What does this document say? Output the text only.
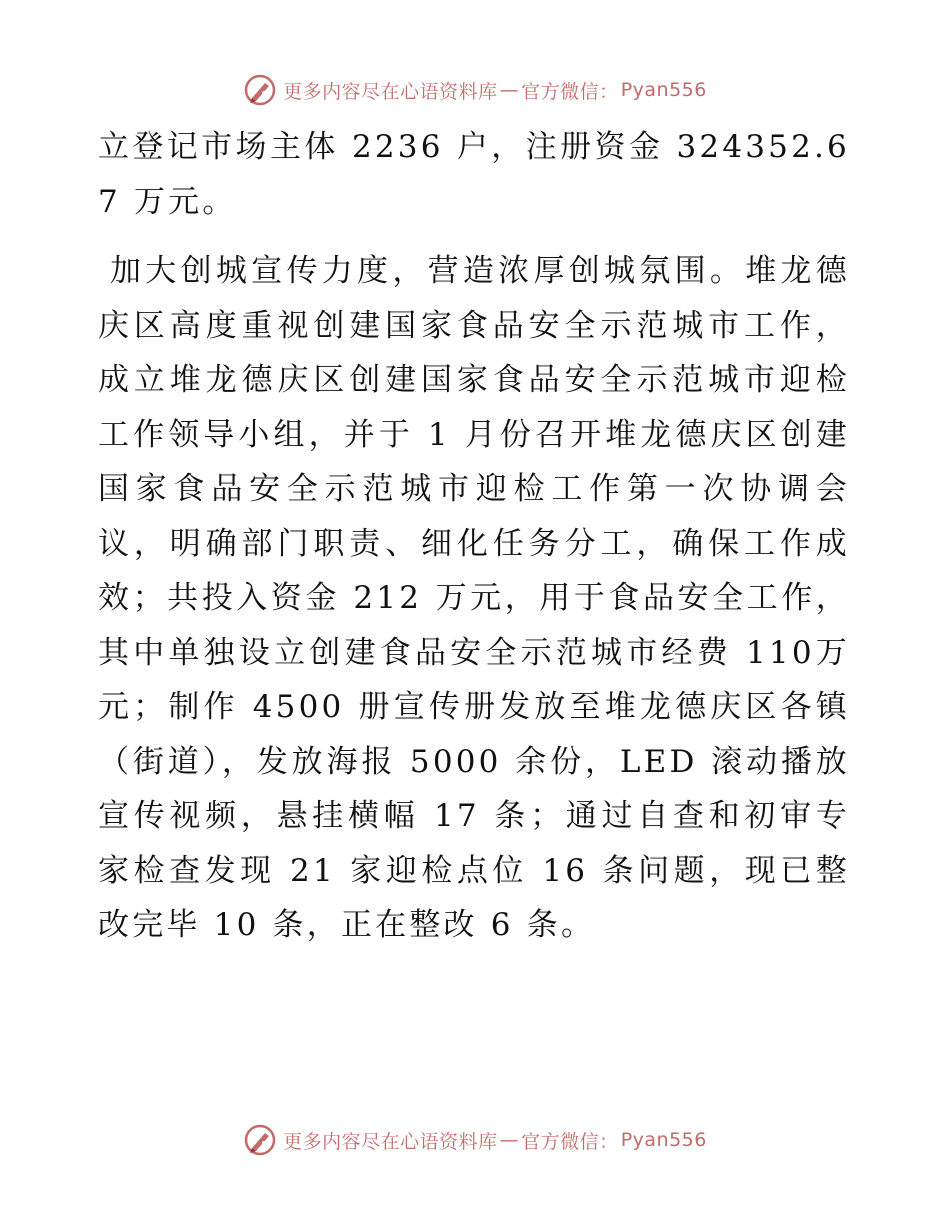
更多内容尽在心语资料库 — 官方微信： Pyan556

立登记市场主体 2236 户，注册资金 324352.67 万元。

加大创城宣传力度，营造浓厚创城氛围。堆龙德庆区高度重视创建国家食品安全示范城市工作，成立堆龙德庆区创建国家食品安全示范城市迎检工作领导小组，并于 1 月份召开堆龙德庆区创建国家食品安全示范城市迎检工作第一次协调会议，明确部门职责、细化任务分工，确保工作成效；共投入资金 212 万元，用于食品安全工作，其中单独设立创建食品安全示范城市经费 110万元；制作 4500 册宣传册发放至堆龙德庆区各镇（街道），发放海报 5000 余份，LED 滚动播放宣传视频，悬挂横幅 17 条；通过自查和初审专家检查发现 21 家迎检点位 16 条问题，现已整改完毕 10 条，正在整改 6 条。

更多内容尽在心语资料库 — 官方微信： Pyan556
